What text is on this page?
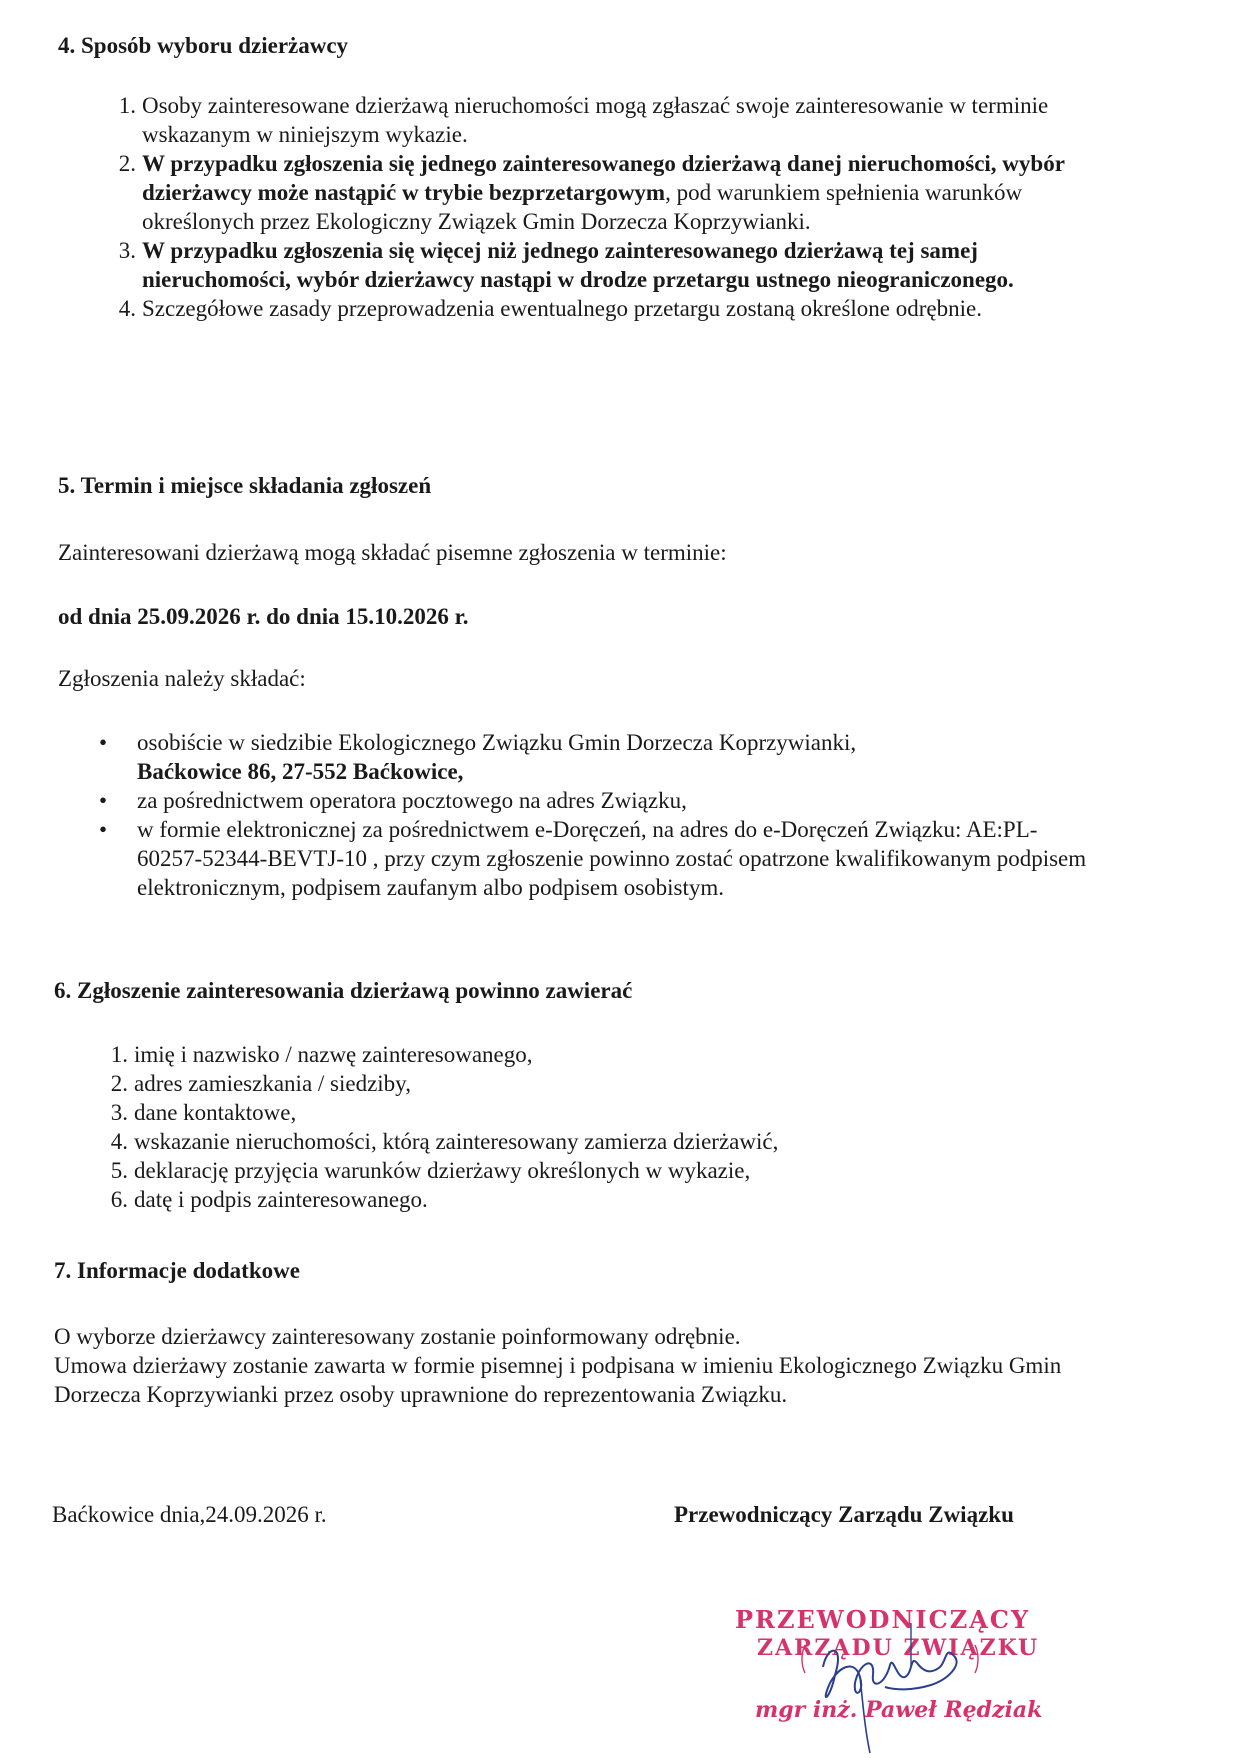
4. Sposób wyboru dzierżawcy
1. Osoby zainteresowane dzierżawą nieruchomości mogą zgłaszać swoje zainteresowanie w terminie wskazanym w niniejszym wykazie.
2. W przypadku zgłoszenia się jednego zainteresowanego dzierżawą danej nieruchomości, wybór dzierżawcy może nastąpić w trybie bezprzetargowym, pod warunkiem spełnienia warunków określonych przez Ekologiczny Związek Gmin Dorzecza Koprzywianki.
3. W przypadku zgłoszenia się więcej niż jednego zainteresowanego dzierżawą tej samej nieruchomości, wybór dzierżawcy nastąpi w drodze przetargu ustnego nieograniczonego.
4. Szczegółowe zasady przeprowadzenia ewentualnego przetargu zostaną określone odrębnie.
5. Termin i miejsce składania zgłoszeń

Zainteresowani dzierżawą mogą składać pisemne zgłoszenia w terminie:

od dnia 25.09.2026 r. do dnia 15.10.2026 r.

Zgłoszenia należy składać:

• osobiście w siedzibie Ekologicznego Związku Gmin Dorzecza Koprzywianki,
Baćkowice 86, 27-552 Baćkowice,
• za pośrednictwem operatora pocztowego na adres Związku,
• w formie elektronicznej za pośrednictwem e-Doręczeń, na adres do e-Doręczeń Związku: AE:PL-60257-52344-BEVTJ-10 , przy czym zgłoszenie powinno zostać opatrzone kwalifikowanym podpisem elektronicznym, podpisem zaufanym albo podpisem osobistym.
6. Zgłoszenie zainteresowania dzierżawą powinno zawierać
1. imię i nazwisko / nazwę zainteresowanego,
2. adres zamieszkania / siedziby,
3. dane kontaktowe,
4. wskazanie nieruchomości, którą zainteresowany zamierza dzierżawić,
5. deklarację przyjęcia warunków dzierżawy określonych w wykazie,
6. datę i podpis zainteresowanego.
7. Informacje dodatkowe

O wyborze dzierżawcy zainteresowany zostanie poinformowany odrębnie.

Umowa dzierżawy zostanie zawarta w formie pisemnej i podpisana w imieniu Ekologicznego Związku Gmin Dorzecza Koprzywianki przez osoby uprawnione do reprezentowania Związku.

Baćkowice dnia,24.09.2026 r.	Przewodniczący Zarządu Związku

PRZEWODNICZĄCY
ZARZĄDU ZWIĄZKU
mgr inż. Paweł Rędziak
